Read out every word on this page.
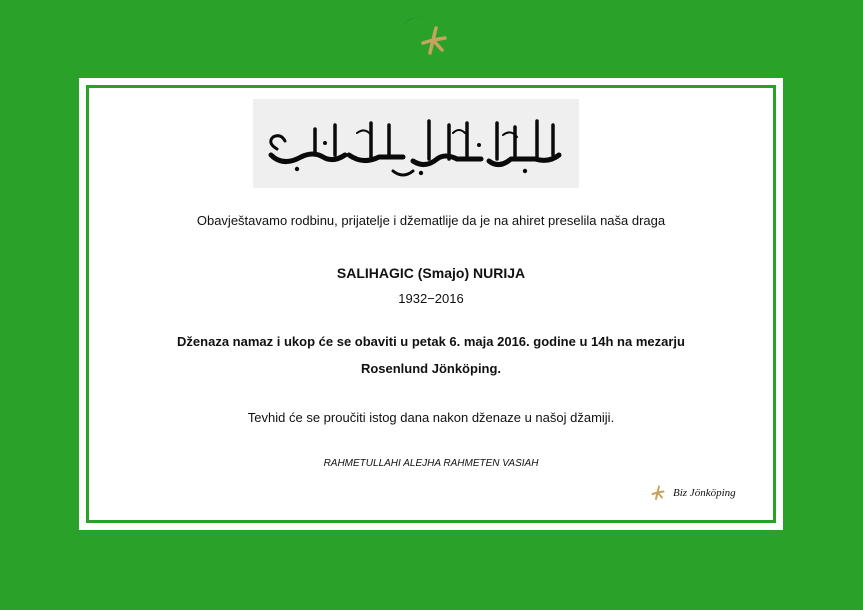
Obavještavamo rodbinu, prijatelje i džematlije da je na ahiret preselila naša draga
SALIHAGIC (Smajo) NURIJA
1932−2016
Dženaza namaz i ukop će se obaviti u petak 6. maja 2016. godine u 14h na mezarju
Rosenlund Jönköping.
Tevhid će se proučiti istog dana nakon dženaze u našoj džamiji.
RAHMETULLAHI ALEJHA RAHMETEN VASIAH
Biz Jönköping
